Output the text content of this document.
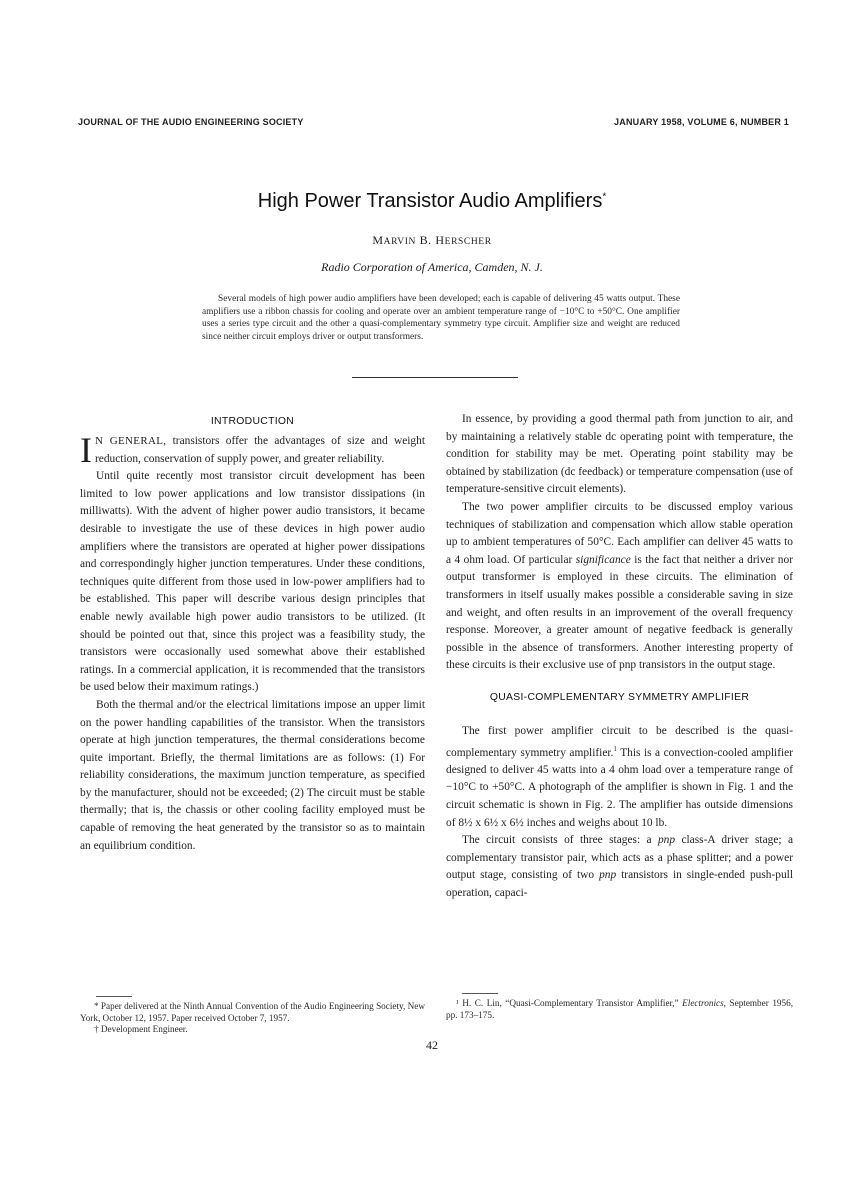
JOURNAL OF THE AUDIO ENGINEERING SOCIETY	JANUARY 1958, VOLUME 6, NUMBER 1
High Power Transistor Audio Amplifiers*
MARVIN B. HERSCHER
Radio Corporation of America, Camden, N. J.
Several models of high power audio amplifiers have been developed; each is capable of delivering 45 watts output. These amplifiers use a ribbon chassis for cooling and operate over an ambient temperature range of −10°C to +50°C. One amplifier uses a series type circuit and the other a quasi-complementary symmetry type circuit. Amplifier size and weight are reduced since neither circuit employs driver or output transformers.
INTRODUCTION

I N GENERAL, transistors offer the advantages of size and weight reduction, conservation of supply power, and greater reliability.

Until quite recently most transistor circuit development has been limited to low power applications and low transistor dissipations (in milliwatts). With the advent of higher power audio transistors, it became desirable to investigate the use of these devices in high power audio amplifiers where the transistors are operated at higher power dissipations and correspondingly higher junction temperatures. Under these conditions, techniques quite different from those used in low-power amplifiers had to be established. This paper will describe various design principles that enable newly available high power audio transistors to be utilized. (It should be pointed out that, since this project was a feasibility study, the transistors were occasionally used somewhat above their established ratings. In a commercial application, it is recommended that the transistors be used below their maximum ratings.)

Both the thermal and/or the electrical limitations impose an upper limit on the power handling capabilities of the transistor. When the transistors operate at high junction temperatures, the thermal considerations become quite important. Briefly, the thermal limitations are as follows: (1) For reliability considerations, the maximum junction temperature, as specified by the manufacturer, should not be exceeded; (2) The circuit must be stable thermally; that is, the chassis or other cooling facility employed must be capable of removing the heat generated by the transistor so as to maintain an equilibrium condition.

In essence, by providing a good thermal path from junction to air, and by maintaining a relatively stable dc operating point with temperature, the condition for stability may be met. Operating point stability may be obtained by stabilization (dc feedback) or temperature compensation (use of temperature-sensitive circuit elements).

The two power amplifier circuits to be discussed employ various techniques of stabilization and compensation which allow stable operation up to ambient temperatures of 50°C. Each amplifier can deliver 45 watts to a 4 ohm load. Of particular significance is the fact that neither a driver nor output transformer is employed in these circuits. The elimination of transformers in itself usually makes possible a considerable saving in size and weight, and often results in an improvement of the overall frequency response. Moreover, a greater amount of negative feedback is generally possible in the absence of transformers. Another interesting property of these circuits is their exclusive use of pnp transistors in the output stage.

QUASI-COMPLEMENTARY SYMMETRY AMPLIFIER

The first power amplifier circuit to be described is the quasi-complementary symmetry amplifier.$^1$ This is a convection-cooled amplifier designed to deliver 45 watts into a 4 ohm load over a temperature range of −10°C to +50°C. A photograph of the amplifier is shown in Fig. 1 and the circuit schematic is shown in Fig. 2. The amplifier has outside dimensions of 8½ x 6½ x 6½ inches and weighs about 10 lb.

The circuit consists of three stages: a pnp class-A driver stage; a complementary transistor pair, which acts as a phase splitter; and a power output stage, consisting of two pnp transistors in single-ended push-pull operation, capaci-

* Paper delivered at the Ninth Annual Convention of the Audio Engineering Society, New York, October 12, 1957. Paper received October 7, 1957.

† Development Engineer.

¹ H. C. Lin, “Quasi-Complementary Transistor Amplifier,” Electronics, September 1956, pp. 173–175.

42
